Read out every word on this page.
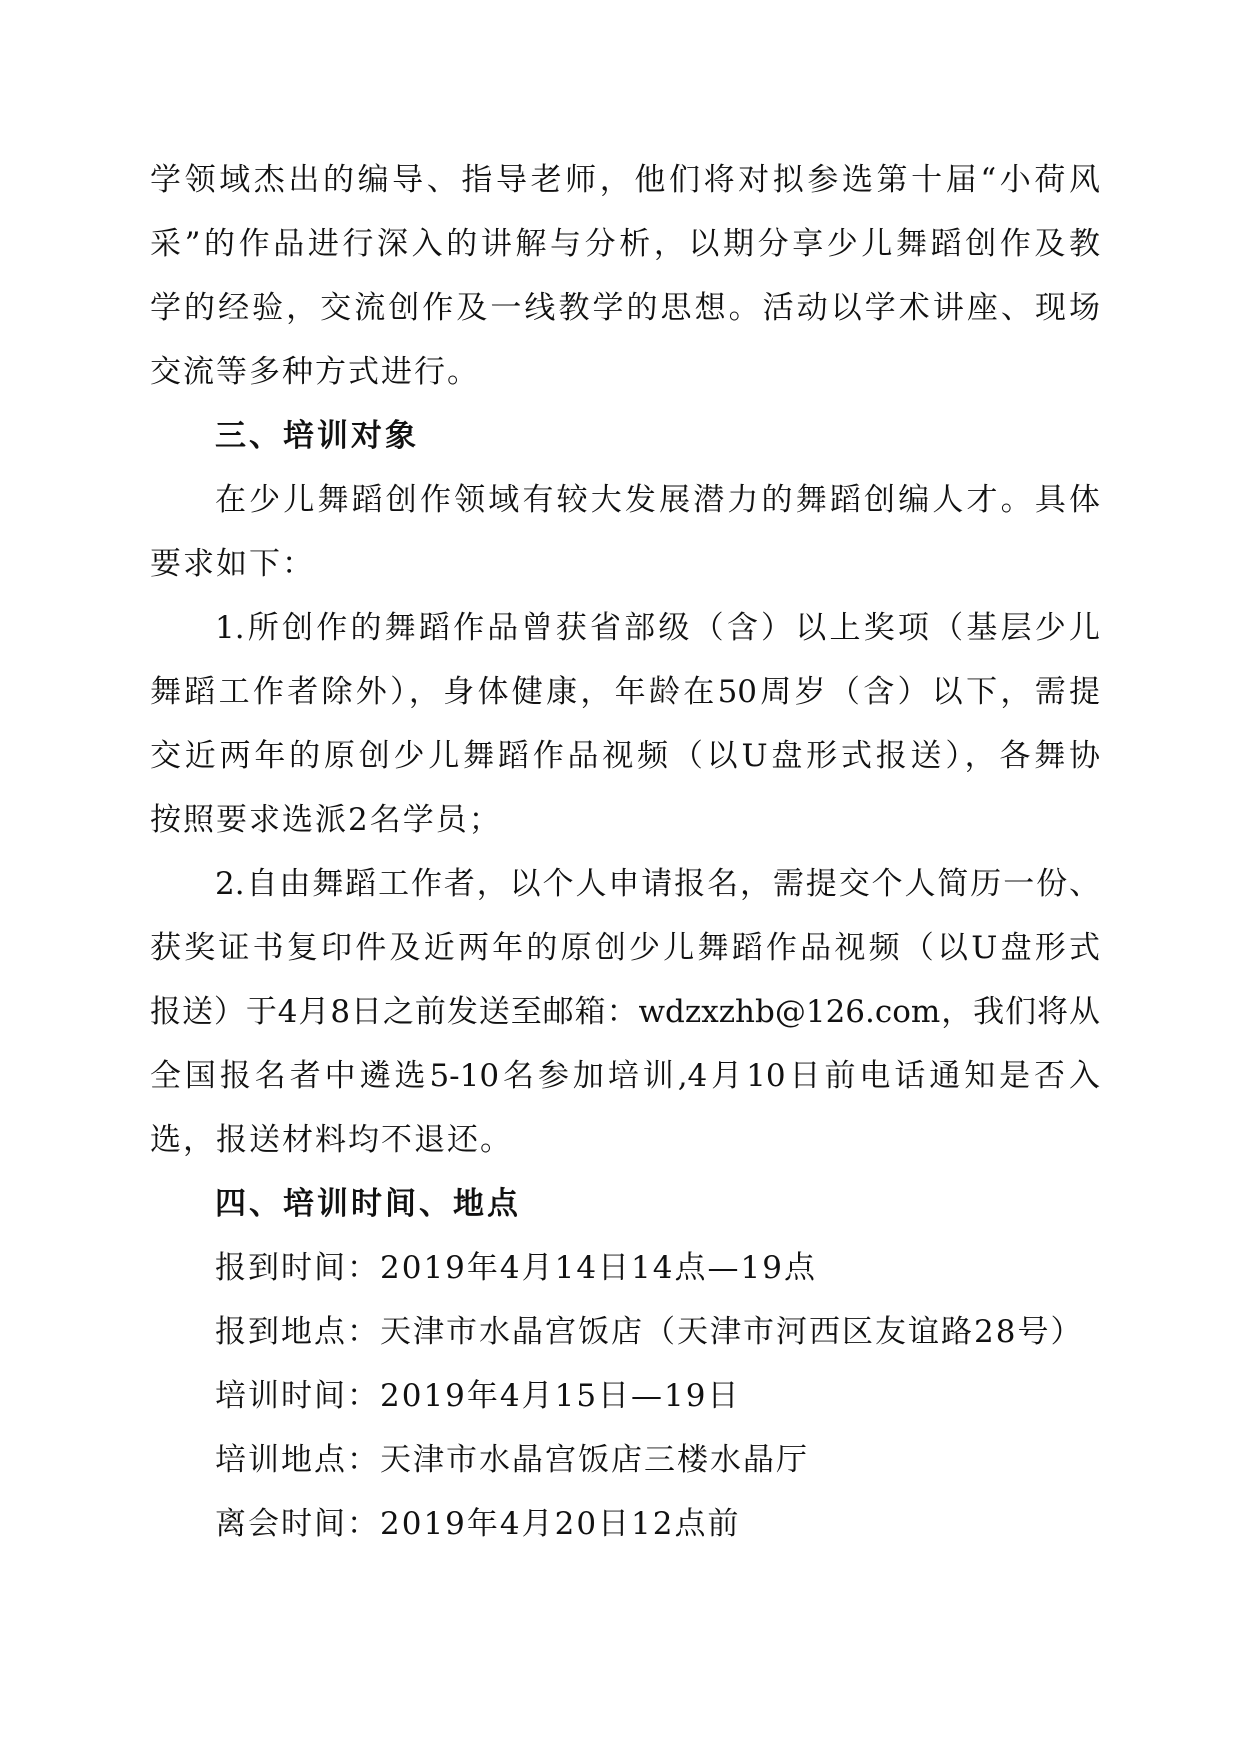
学领域杰出的编导、指导老师，他们将对拟参选第十届“小荷风
采”的作品进行深入的讲解与分析，以期分享少儿舞蹈创作及教
学的经验，交流创作及一线教学的思想。活动以学术讲座、现场
交流等多种方式进行。
三、培训对象
在少儿舞蹈创作领域有较大发展潜力的舞蹈创编人才。具体
要求如下：
1.所创作的舞蹈作品曾获省部级（含）以上奖项（基层少儿
舞蹈工作者除外），身体健康，年龄在50周岁（含）以下，需提
交近两年的原创少儿舞蹈作品视频（以U盘形式报送），各舞协
按照要求选派2名学员；
2.自由舞蹈工作者，以个人申请报名，需提交个人简历一份、
获奖证书复印件及近两年的原创少儿舞蹈作品视频（以U盘形式
报送）于4月8日之前发送至邮箱：wdzxzhb@126.com，我们将从
全国报名者中遴选5-10名参加培训,4月10日前电话通知是否入
选，报送材料均不退还。
四、培训时间、地点
报到时间：2019年4月14日14点—19点
报到地点：天津市水晶宫饭店（天津市河西区友谊路28号）
培训时间：2019年4月15日—19日
培训地点：天津市水晶宫饭店三楼水晶厅
离会时间：2019年4月20日12点前
